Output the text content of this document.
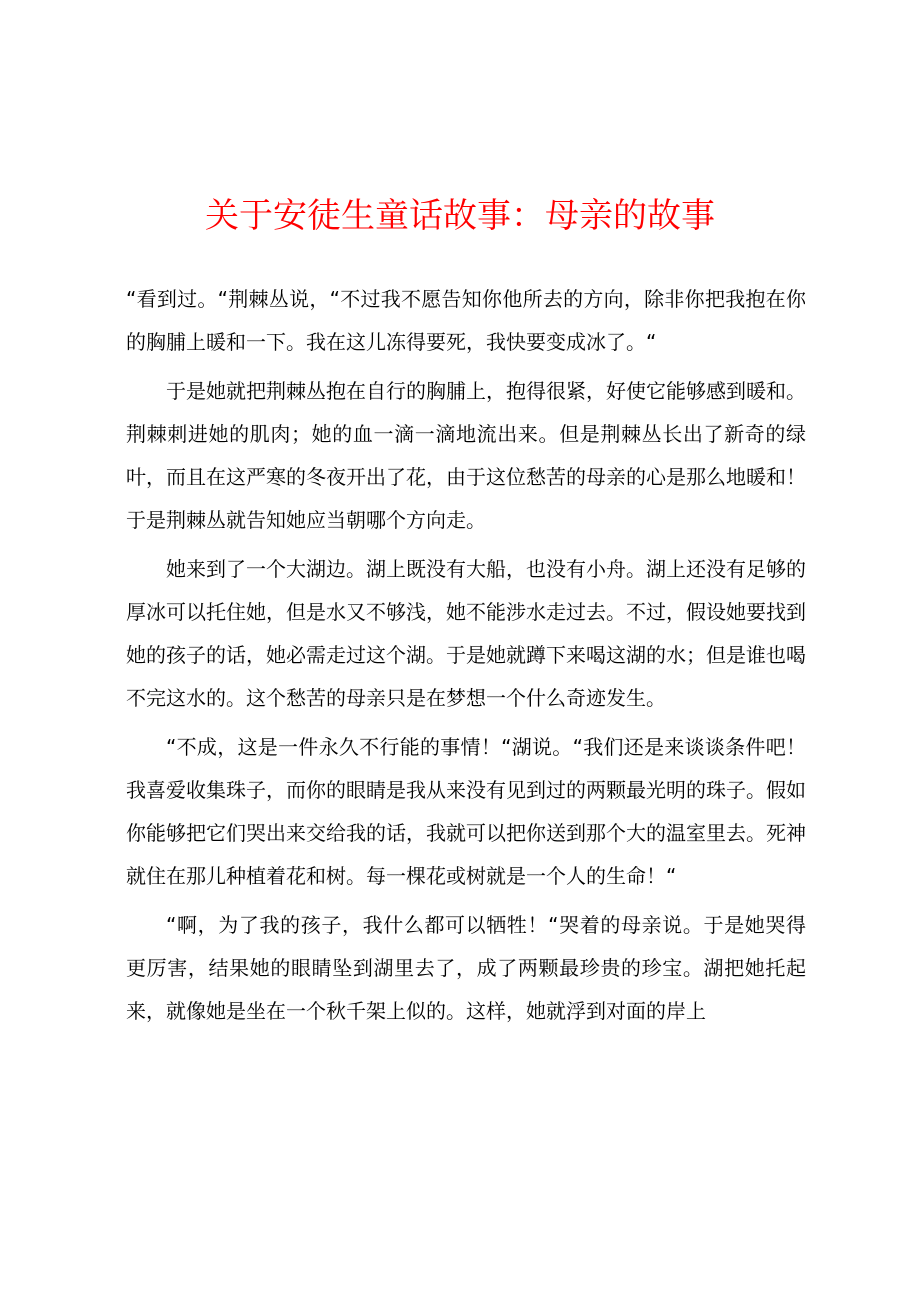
关于安徒生童话故事：母亲的故事

“看到过。“荆棘丛说，“不过我不愿告知你他所去的方向，除非你把我抱在你的胸脯上暖和一下。我在这儿冻得要死，我快要变成冰了。“

于是她就把荆棘丛抱在自行的胸脯上，抱得很紧，好使它能够感到暖和。荆棘刺进她的肌肉；她的血一滴一滴地流出来。但是荆棘丛长出了新奇的绿叶，而且在这严寒的冬夜开出了花，由于这位愁苦的母亲的心是那么地暖和！于是荆棘丛就告知她应当朝哪个方向走。

她来到了一个大湖边。湖上既没有大船，也没有小舟。湖上还没有足够的厚冰可以托住她，但是水又不够浅，她不能涉水走过去。不过，假设她要找到她的孩子的话，她必需走过这个湖。于是她就蹲下来喝这湖的水；但是谁也喝不完这水的。这个愁苦的母亲只是在梦想一个什么奇迹发生。

“不成，这是一件永久不行能的事情！“湖说。“我们还是来谈谈条件吧！我喜爱收集珠子，而你的眼睛是我从来没有见到过的两颗最光明的珠子。假如你能够把它们哭出来交给我的话，我就可以把你送到那个大的温室里去。死神就住在那儿种植着花和树。每一棵花或树就是一个人的生命！“

“啊，为了我的孩子，我什么都可以牺牲！“哭着的母亲说。于是她哭得更厉害，结果她的眼睛坠到湖里去了，成了两颗最珍贵的珍宝。湖把她托起来，就像她是坐在一个秋千架上似的。这样，她就浮到对面的岸上
